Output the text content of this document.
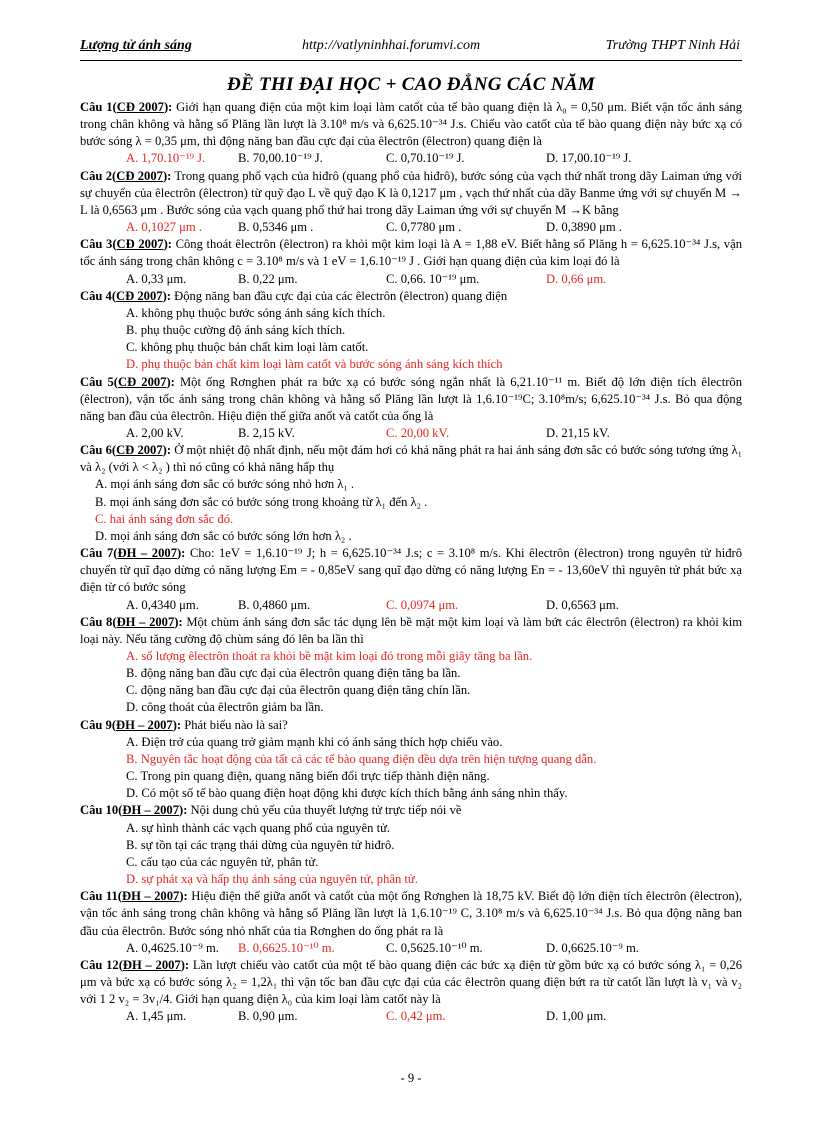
Lượng tử ánh sáng	http://vatlyninhhai.forumvi.com	Trường THPT Ninh Hải
ĐỀ THI ĐẠI HỌC + CAO ĐẲNG CÁC NĂM

Câu 1(CĐ 2007): Giới hạn quang điện của một kim loại làm catốt của tế bào quang điện là λ₀ = 0,50 μm. Biết vận tốc ánh sáng trong chân không và hằng số Plăng lần lượt là 3.10⁸ m/s và 6,625.10⁻³⁴ J.s. Chiếu vào catốt của tế bào quang điện này bức xạ có bước sóng λ = 0,35 μm, thì động năng ban đầu cực đại của êlectrôn (êlectron) quang điện là

A. 1,70.10⁻¹⁹ J.	B. 70,00.10⁻¹⁹ J.	C. 0,70.10⁻¹⁹ J.	D. 17,00.10⁻¹⁹ J.

Câu 2(CĐ 2007): Trong quang phổ vạch của hiđrô (quang phổ của hiđrô), bước sóng của vạch thứ nhất trong dãy Laiman ứng với sự chuyển của êlectrôn (êlectron) từ quỹ đạo L về quỹ đạo K là 0,1217 μm , vạch thứ nhất của dãy Banme ứng với sự chuyển M → L là 0,6563 μm . Bước sóng của vạch quang phổ thứ hai trong dãy Laiman ứng với sự chuyển M →K bằng

A. 0,1027 μm .	B. 0,5346 μm .	C. 0,7780 μm .	D. 0,3890 μm .

Câu 3(CĐ 2007): Công thoát êlectrôn (êlectron) ra khỏi một kim loại là A = 1,88 eV. Biết hằng số Plăng h = 6,625.10⁻³⁴ J.s, vận tốc ánh sáng trong chân không c = 3.10⁸ m/s và 1 eV = 1,6.10⁻¹⁹ J . Giới hạn quang điện của kim loại đó là

A. 0,33 μm.	B. 0,22 μm.	C. 0,66. 10⁻¹⁹ μm.	D. 0,66 μm.

Câu 4(CĐ 2007): Động năng ban đầu cực đại của các êlectrôn (êlectron) quang điện

A. không phụ thuộc bước sóng ánh sáng kích thích.
B. phụ thuộc cường độ ánh sáng kích thích.
C. không phụ thuộc bản chất kim loại làm catốt.
D. phụ thuộc bản chất kim loại làm catốt và bước sóng ánh sáng kích thích

Câu 5(CĐ 2007): Một ống Rơnghen phát ra bức xạ có bước sóng ngắn nhất là 6,21.10⁻¹¹ m. Biết độ lớn điện tích êlectrôn (êlectron), vận tốc ánh sáng trong chân không và hằng số Plăng lần lượt là 1,6.10⁻¹⁹C; 3.10⁸m/s; 6,625.10⁻³⁴ J.s. Bỏ qua động năng ban đầu của êlectrôn. Hiệu điện thế giữa anốt và catốt của ống là

A. 2,00 kV.	B. 2,15 kV.	C. 20,00 kV.	D. 21,15 kV.

Câu 6(CĐ 2007): Ở một nhiệt độ nhất định, nếu một đám hơi có khả năng phát ra hai ánh sáng đơn sắc có bước sóng tương ứng λ₁ và λ₂ (với λ < λ₂ ) thì nó cũng có khả năng hấp thụ

A. mọi ánh sáng đơn sắc có bước sóng nhỏ hơn λ₁ .
B. mọi ánh sáng đơn sắc có bước sóng trong khoảng từ λ₁ đến λ₂ .
C. hai ánh sáng đơn sắc đó.
D. mọi ánh sáng đơn sắc có bước sóng lớn hơn λ₂ .

Câu 7(ĐH – 2007): Cho: 1eV = 1,6.10⁻¹⁹ J; h = 6,625.10⁻³⁴ J.s; c = 3.10⁸ m/s. Khi êlectrôn (êlectron) trong nguyên tử hiđrô chuyển từ quĩ đạo dừng có năng lượng Em = - 0,85eV sang quĩ đạo dừng có năng lượng En = - 13,60eV thì nguyên tử phát bức xạ điện từ có bước sóng

A. 0,4340 μm.	B. 0,4860 μm.	C. 0,0974 μm.	D. 0,6563 μm.

Câu 8(ĐH – 2007): Một chùm ánh sáng đơn sắc tác dụng lên bề mặt một kim loại và làm bứt các êlectrôn (êlectron) ra khỏi kim loại này. Nếu tăng cường độ chùm sáng đó lên ba lần thì

A. số lượng êlectrôn thoát ra khỏi bề mặt kim loại đó trong mỗi giây tăng ba lần.
B. động năng ban đầu cực đại của êlectrôn quang điện tăng ba lần.
C. động năng ban đầu cực đại của êlectrôn quang điện tăng chín lần.
D. công thoát của êlectrôn giảm ba lần.

Câu 9(ĐH – 2007): Phát biểu nào là sai?

A. Điện trở của quang trở giảm mạnh khi có ánh sáng thích hợp chiếu vào.
B. Nguyên tắc hoạt động của tất cả các tế bào quang điện đều dựa trên hiện tượng quang dẫn.
C. Trong pin quang điện, quang năng biến đổi trực tiếp thành điện năng.
D. Có một số tế bào quang điện hoạt động khi được kích thích bằng ánh sáng nhìn thấy.

Câu 10(ĐH – 2007): Nội dung chủ yếu của thuyết lượng tử trực tiếp nói về

A. sự hình thành các vạch quang phổ của nguyên tử.
B. sự tồn tại các trạng thái dừng của nguyên tử hiđrô.
C. cấu tạo của các nguyên tử, phân tử.
D. sự phát xạ và hấp thụ ánh sáng của nguyên tử, phân tử.

Câu 11(ĐH – 2007): Hiệu điện thế giữa anốt và catốt của một ống Rơnghen là 18,75 kV. Biết độ lớn điện tích êlectrôn (êlectron), vận tốc ánh sáng trong chân không và hằng số Plăng lần lượt là 1,6.10⁻¹⁹ C, 3.10⁸ m/s và 6,625.10⁻³⁴ J.s. Bỏ qua động năng ban đầu của êlectrôn. Bước sóng nhỏ nhất của tia Rơnghen do ống phát ra là

A. 0,4625.10⁻⁹ m.	B. 0,6625.10⁻¹⁰ m.	C. 0,5625.10⁻¹⁰ m.	D. 0,6625.10⁻⁹ m.

Câu 12(ĐH – 2007): Lần lượt chiếu vào catốt của một tế bào quang điện các bức xạ điện từ gồm bức xạ có bước sóng λ₁ = 0,26 μm và bức xạ có bước sóng λ₂ = 1,2λ₁ thì vận tốc ban đầu cực đại của các êlectrôn quang điện bứt ra từ catốt lần lượt là v₁ và v₂ với 1 2 v₂ = 3v₁/4. Giới hạn quang điện λ₀ của kim loại làm catốt này là

A. 1,45 μm.	B. 0,90 μm.	C. 0,42 μm.	D. 1,00 μm.
- 9 -
